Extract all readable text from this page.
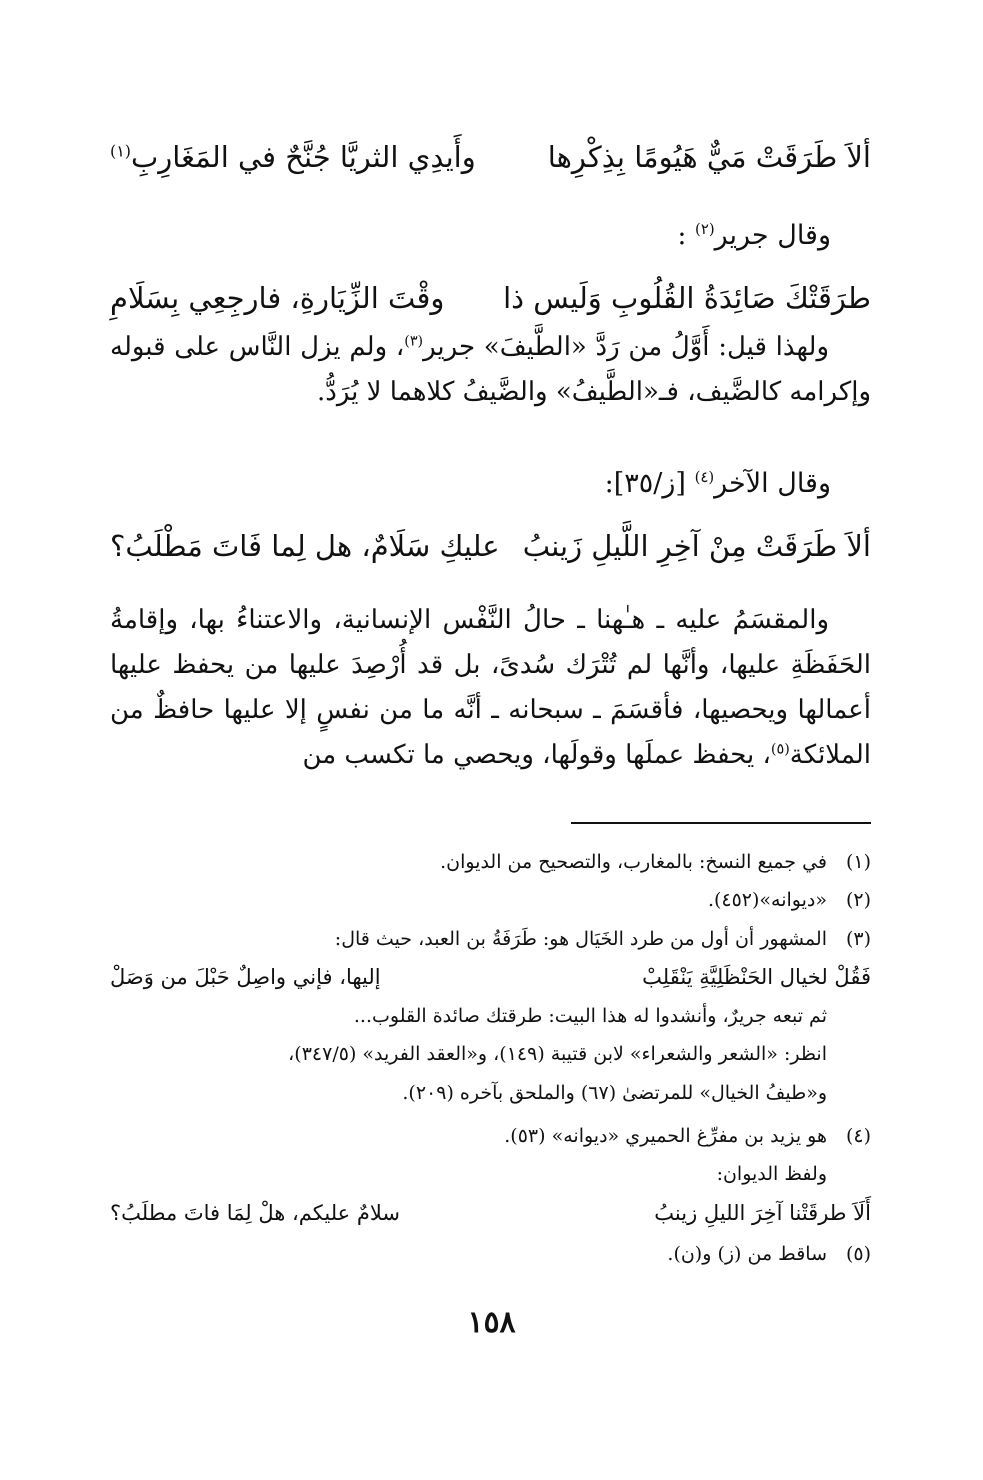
ألاَ طَرَقَتْ مَيٌّ هَيُومًا بِذِكْرِها
وأَيدِي الثريَّا جُنَّحٌ في المَغَارِبِ$^{(١)}$
وقال جرير$^{(٢)}$ :
طرَقَتْكَ صَائِدَةُ القُلُوبِ وَلَيس ذا
وقْتَ الزِّيَارةِ، فارجِعِي بِسَلَامِ

ولهذا قيل: أَوَّلُ من رَدَّ «الطَّيفَ» جرير$^{(٣)}$، ولم يزل النَّاس على قبوله وإكرامه كالضَّيف، فـ«الطَّيفُ» والضَّيفُ كلاهما لا يُرَدُّ.

وقال الآخر$^{(٤)}$ [ز/٣٥]:
ألاَ طَرَقَتْ مِنْ آخِرِ اللَّيلِ زَينبُ
عليكِ سَلَامٌ، هل لِما فَاتَ مَطْلَبُ؟

والمقسَمُ عليه ـ هـٰهنا ـ حالُ النَّفْس الإنسانية، والاعتناءُ بها، وإقامةُ الحَفَظَةِ عليها، وأنَّها لم تُتْرَك سُدىً، بل قد أُرْصِدَ عليها من يحفظ عليها أعمالها ويحصيها، فأقسَمَ ـ سبحانه ـ أنَّه ما من نفسٍ إلا عليها حافظٌ من الملائكة$^{(٥)}$، يحفظ عملَها وقولَها، ويحصي ما تكسب من

(١)
في جميع النسخ: بالمغارب، والتصحيح من الديوان.
(٢)
«ديوانه»(٤٥٢).
(٣)
المشهور أن أول من طرد الخَيَال هو: طَرَفَةُ بن العبد، حيث قال:
فَقُلْ لخيال الحَنْظَلِيَّةِ يَنْقَلِبْ
إليها، فإني واصِلٌ حَبْلَ من وَصَلْ
ثم تبعه جريرٌ، وأنشدوا له هذا البيت: طرقتك صائدة القلوب...
انظر: «الشعر والشعراء» لابن قتيبة (١٤٩)، و«العقد الفريد» (٣٤٧/٥)،
و«طيفُ الخيال» للمرتضىٰ (٦٧) والملحق بآخره (٢٠٩).
(٤)
هو يزيد بن مفرِّغ الحميري «ديوانه» (٥٣).
ولفظ الديوان:
أَلَاَ طرقَتْنا آخِرَ الليلِ زينبُ
سلامٌ عليكم، هلْ لِمَا فاتَ مطلَبُ؟
(٥)
ساقط من (ز) و(ن).
١٥٨
